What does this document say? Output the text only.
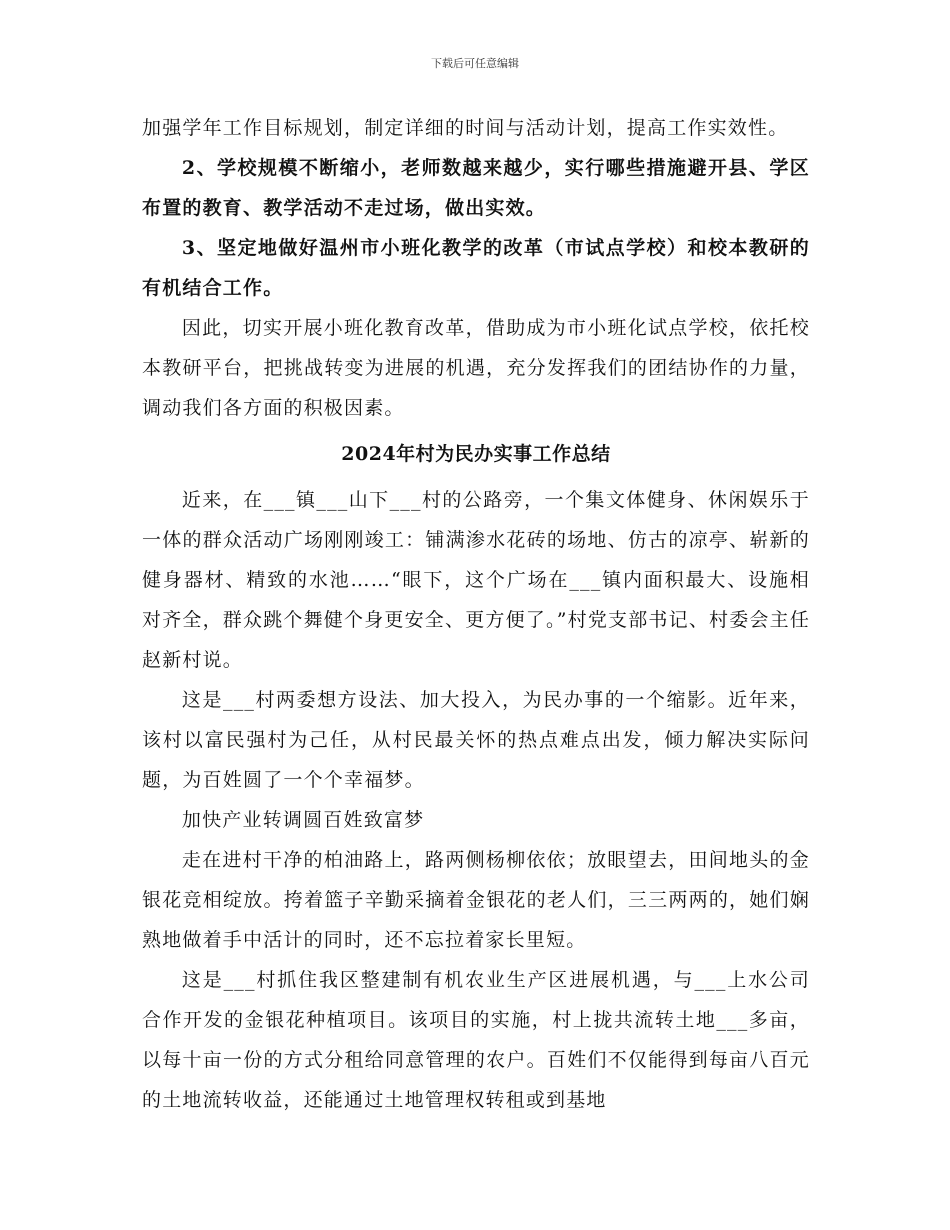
下载后可任意编辑

加强学年工作目标规划，制定详细的时间与活动计划，提高工作实效性。

2、学校规模不断缩小，老师数越来越少，实行哪些措施避开县、学区布置的教育、教学活动不走过场，做出实效。

3、坚定地做好温州市小班化教学的改革（市试点学校）和校本教研的有机结合工作。

因此，切实开展小班化教育改革，借助成为市小班化试点学校，依托校本教研平台，把挑战转变为进展的机遇，充分发挥我们的团结协作的力量，调动我们各方面的积极因素。

2024年村为民办实事工作总结

近来，在___镇___山下___村的公路旁，一个集文体健身、休闲娱乐于一体的群众活动广场刚刚竣工：铺满渗水花砖的场地、仿古的凉亭、崭新的健身器材、精致的水池……“眼下，这个广场在___镇内面积最大、设施相对齐全，群众跳个舞健个身更安全、更方便了。”村党支部书记、村委会主任赵新村说。

这是___村两委想方设法、加大投入，为民办事的一个缩影。近年来，该村以富民强村为己任，从村民最关怀的热点难点出发，倾力解决实际问题，为百姓圆了一个个幸福梦。

加快产业转调圆百姓致富梦

走在进村干净的柏油路上，路两侧杨柳依依；放眼望去，田间地头的金银花竞相绽放。挎着篮子辛勤采摘着金银花的老人们，三三两两的，她们娴熟地做着手中活计的同时，还不忘拉着家长里短。

这是___村抓住我区整建制有机农业生产区进展机遇，与___上水公司合作开发的金银花种植项目。该项目的实施，村上拢共流转土地___多亩，以每十亩一份的方式分租给同意管理的农户。百姓们不仅能得到每亩八百元的土地流转收益，还能通过土地管理权转租或到基地
